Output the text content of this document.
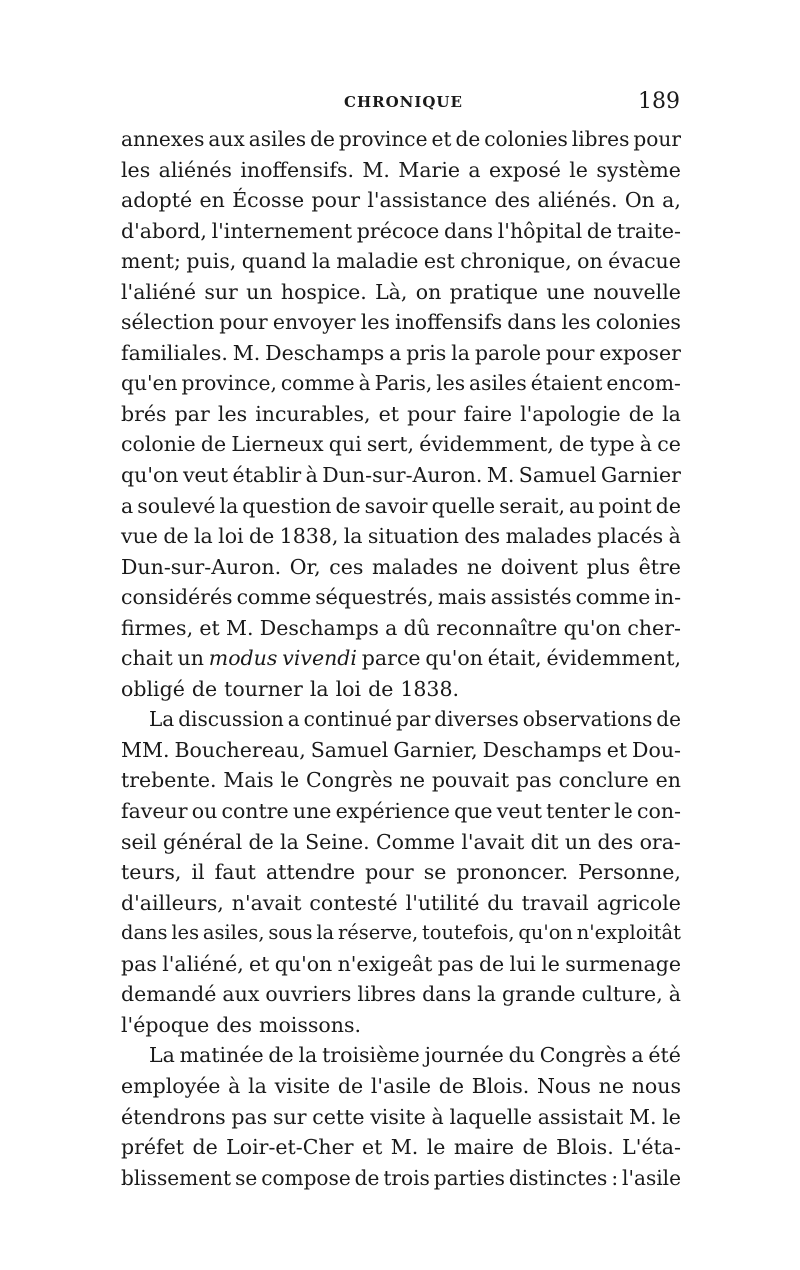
CHRONIQUE	189
annexes aux asiles de province et de colonies libres pour
les aliénés inoffensifs. M. Marie a exposé le système
adopté en Écosse pour l'assistance des aliénés. On a,
d'abord, l'internement précoce dans l'hôpital de traite-
ment; puis, quand la maladie est chronique, on évacue
l'aliéné sur un hospice. Là, on pratique une nouvelle
sélection pour envoyer les inoffensifs dans les colonies
familiales. M. Deschamps a pris la parole pour exposer
qu'en province, comme à Paris, les asiles étaient encom-
brés par les incurables, et pour faire l'apologie de la
colonie de Lierneux qui sert, évidemment, de type à ce
qu'on veut établir à Dun-sur-Auron. M. Samuel Garnier
a soulevé la question de savoir quelle serait, au point de
vue de la loi de 1838, la situation des malades placés à
Dun-sur-Auron. Or, ces malades ne doivent plus être
considérés comme séquestrés, mais assistés comme in-
firmes, et M. Deschamps a dû reconnaître qu'on cher-
chait un modus vivendi parce qu'on était, évidemment,
obligé de tourner la loi de 1838.
La discussion a continué par diverses observations de
MM. Bouchereau, Samuel Garnier, Deschamps et Dou-
trebente. Mais le Congrès ne pouvait pas conclure en
faveur ou contre une expérience que veut tenter le con-
seil général de la Seine. Comme l'avait dit un des ora-
teurs, il faut attendre pour se prononcer. Personne,
d'ailleurs, n'avait contesté l'utilité du travail agricole
dans les asiles, sous la réserve, toutefois, qu'on n'exploitât
pas l'aliéné, et qu'on n'exigeât pas de lui le surmenage
demandé aux ouvriers libres dans la grande culture, à
l'époque des moissons.
La matinée de la troisième journée du Congrès a été
employée à la visite de l'asile de Blois. Nous ne nous
étendrons pas sur cette visite à laquelle assistait M. le
préfet de Loir-et-Cher et M. le maire de Blois. L'éta-
blissement se compose de trois parties distinctes : l'asile
